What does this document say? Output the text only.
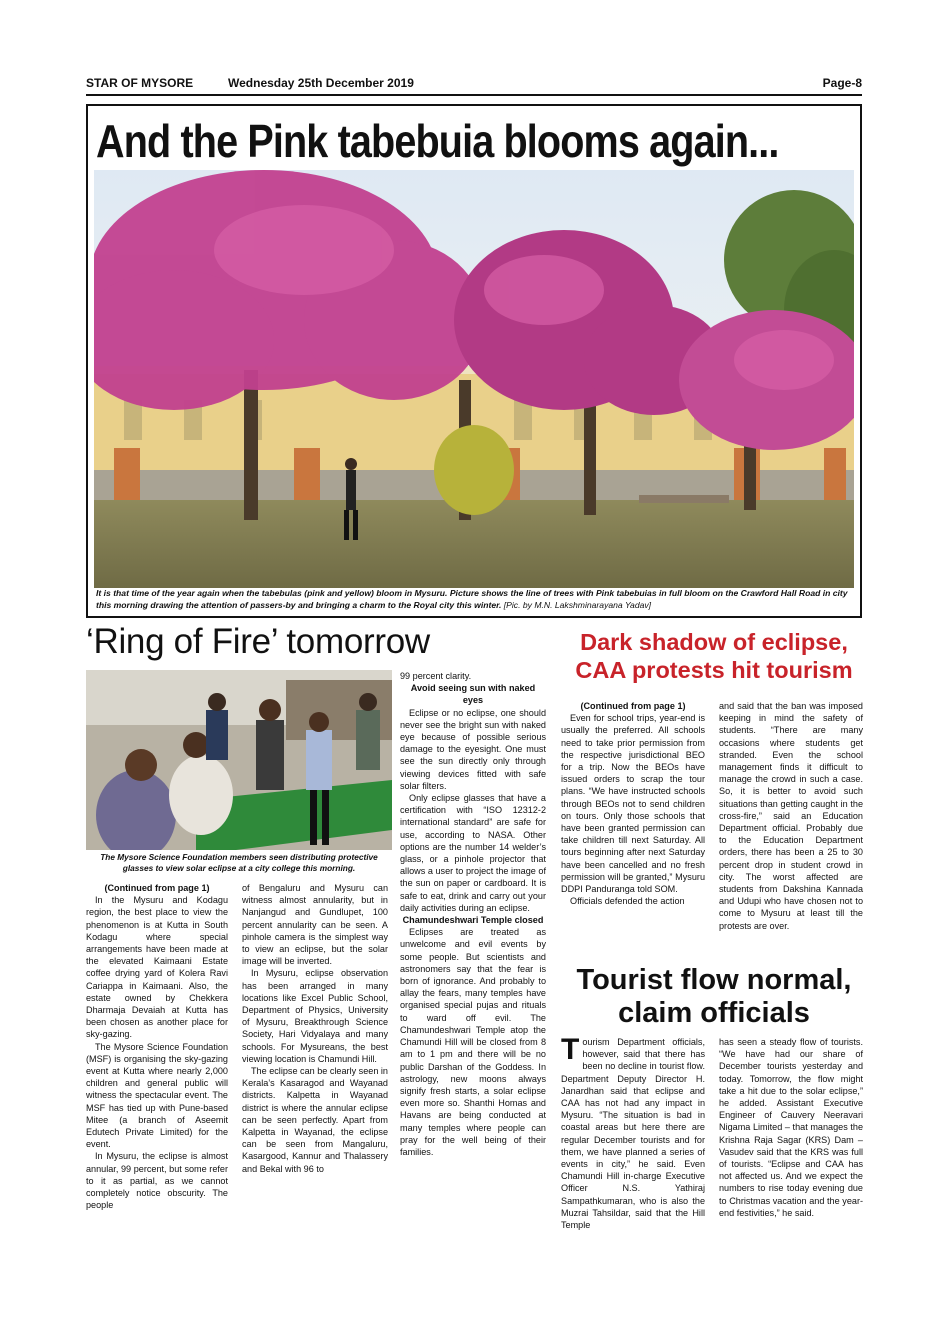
STAR OF MYSORE	Wednesday 25th December 2019	Page-8
And the Pink tabebuia blooms again...
It is that time of the year again when the tabebulas (pink and yellow) bloom in Mysuru. Picture shows the line of trees with Pink tabebuias in full bloom on the Crawford Hall Road in city this morning drawing the attention of passers-by and bringing a charm to the Royal city this winter. [Pic. by M.N. Lakshminarayana Yadav]
‘Ring of Fire’ tomorrow	Dark shadow of eclipse, CAA protests hit tourism
Tourist flow normal, claim officials
The Mysore Science Foundation members seen distributing protective glasses to view solar eclipse at a city college this morning.

(Continued from page 1)

In the Mysuru and Kodagu region, the best place to view the phenomenon is at Kutta in South Kodagu where special arrangements have been made at the elevated Kaimaani Estate coffee drying yard of Kolera Ravi Cariappa in Kaimaani. Also, the estate owned by Chekkera Dharmaja Devaiah at Kutta has been chosen as another place for sky-gazing.

The Mysore Science Foundation (MSF) is organising the sky-gazing event at Kutta where nearly 2,000 children and general public will witness the spectacular event. The MSF has tied up with Pune-based Mitee (a branch of Aseemit Edutech Private Limited) for the event.

In Mysuru, the eclipse is almost annular, 99 percent, but some refer to it as partial, as we cannot completely notice obscurity. The people

of Bengaluru and Mysuru can witness almost annularity, but in Nanjangud and Gundlupet, 100 percent annularity can be seen. A pinhole camera is the simplest way to view an eclipse, but the solar image will be inverted.

In Mysuru, eclipse observation has been arranged in many locations like Excel Public School, Department of Physics, University of Mysuru, Breakthrough Science Society, Hari Vidyalaya and many schools. For Mysureans, the best viewing location is Chamundi Hill.

The eclipse can be clearly seen in Kerala’s Kasaragod and Wayanad districts. Kalpetta in Wayanad district is where the annular eclipse can be seen perfectly. Apart from Kalpetta in Wayanad, the eclipse can be seen from Mangaluru, Kasargood, Kannur and Thalassery and Bekal with 96 to

99 percent clarity.

Avoid seeing sun with naked eyes

Eclipse or no eclipse, one should never see the bright sun with naked eye because of possible serious damage to the eyesight. One must see the sun directly only through viewing devices fitted with safe solar filters.

Only eclipse glasses that have a certification with “ISO 12312-2 international standard” are safe for use, according to NASA. Other options are the number 14 welder’s glass, or a pinhole projector that allows a user to project the image of the sun on paper or cardboard. It is safe to eat, drink and carry out your daily activities during an eclipse.

Chamundeshwari Temple closed

Eclipses are treated as unwelcome and evil events by some people. But scientists and astronomers say that the fear is born of ignorance. And probably to allay the fears, many temples have organised special pujas and rituals to ward off evil. The Chamundeshwari Temple atop the Chamundi Hill will be closed from 8 am to 1 pm and there will be no public Darshan of the Goddess. In astrology, new moons always signify fresh starts, a solar eclipse even more so. Shanthi Homas and Havans are being conducted at many temples where people can pray for the well being of their families.

(Continued from page 1)

Even for school trips, year-end is usually the preferred. All schools need to take prior permission from the respective jurisdictional BEO for a trip. Now the BEOs have issued orders to scrap the tour plans. “We have instructed schools through BEOs not to send children on tours. Only those schools that have been granted permission can take children till next Saturday. All tours beginning after next Saturday have been cancelled and no fresh permission will be granted,” Mysuru DDPI Panduranga told SOM.

Officials defended the action

and said that the ban was imposed keeping in mind the safety of students. “There are many occasions where students get stranded. Even the school management finds it difficult to manage the crowd in such a case. So, it is better to avoid such situations than getting caught in the cross-fire,” said an Education Department official. Probably due to the Education Department orders, there has been a 25 to 30 percent drop in student crowd in city. The worst affected are students from Dakshina Kannada and Udupi who have chosen not to come to Mysuru at least till the protests are over.

Tourism Department officials, however, said that there has been no decline in tourist flow. Department Deputy Director H. Janardhan said that eclipse and CAA has not had any impact in Mysuru. “The situation is bad in coastal areas but here there are regular December tourists and for them, we have planned a series of events in city,” he said. Even Chamundi Hill in-charge Executive Officer N.S. Yathiraj Sampathkumaran, who is also the Muzrai Tahsildar, said that the Hill Temple

has seen a steady flow of tourists. “We have had our share of December tourists yesterday and today. Tomorrow, the flow might take a hit due to the solar eclipse,” he added. Assistant Executive Engineer of Cauvery Neeravari Nigama Limited – that manages the Krishna Raja Sagar (KRS) Dam – Vasudev said that the KRS was full of tourists. “Eclipse and CAA has not affected us. And we expect the numbers to rise today evening due to Christmas vacation and the year-end festivities,” he said.
